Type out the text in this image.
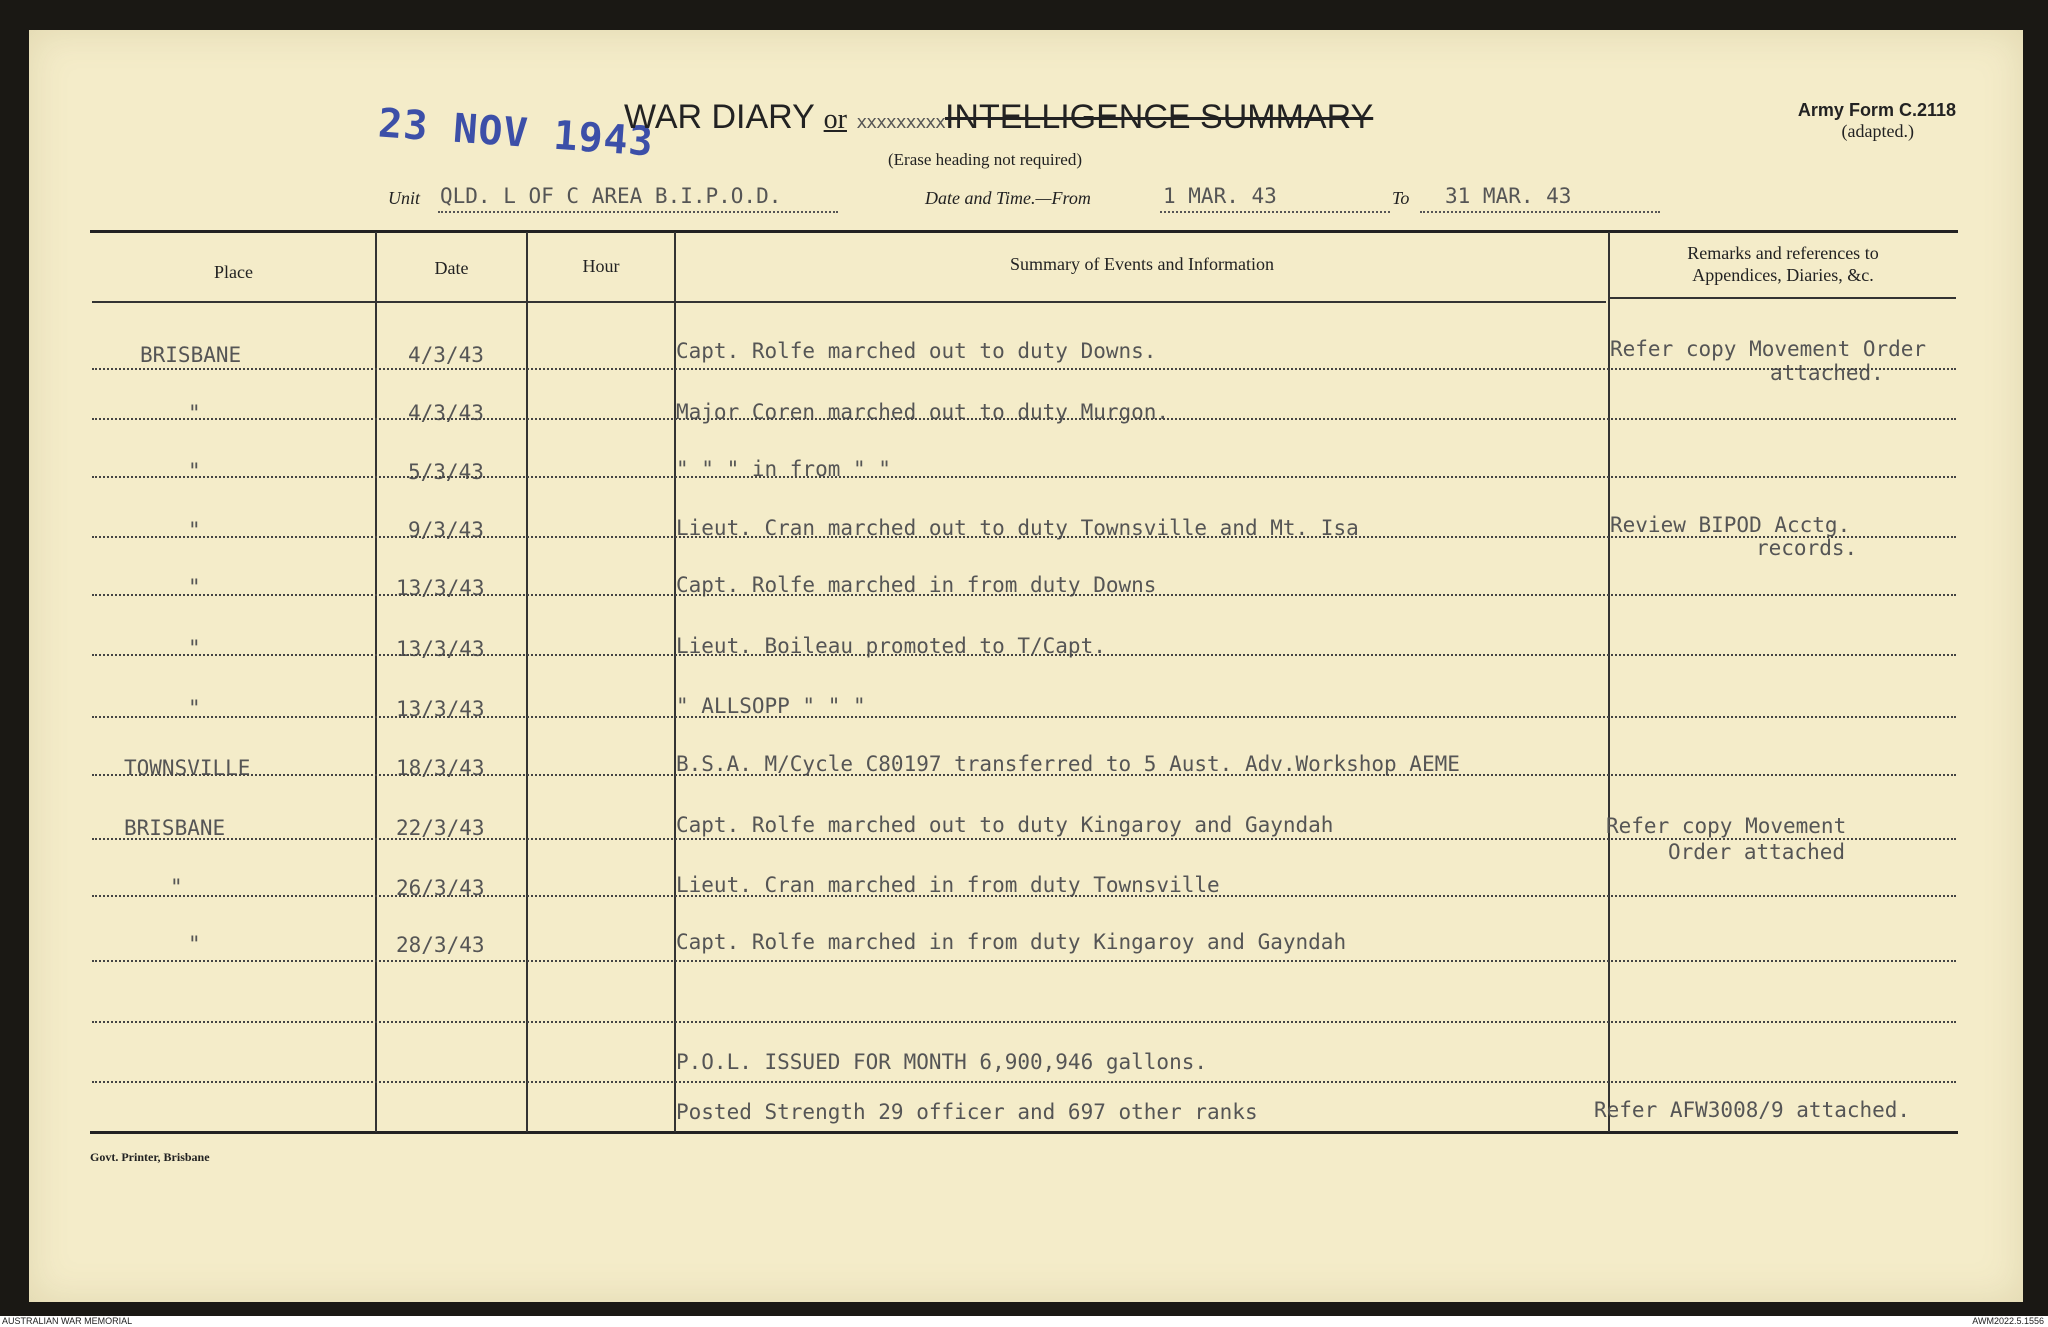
23 NOV 1943
WAR DIARY or xxxxxxxxxINTELLIGENCE SUMMARY
(Erase heading not required)
Army Form C.2118
(adapted.)
Unit QLD. L OF C AREA B.I.P.O.D.	Date and Time.—From	1 MAR. 43	To 31 MAR. 43
Place	Date	Hour	Summary of Events and Information
Remarks and references to
Appendices, Diaries, &c.
BRISBANE	4/3/43	Capt. Rolfe marched out to duty Downs.	Refer copy Movement Order
attached.
"	4/3/43	Major Coren marched out to duty Murgon.
"	5/3/43	" " " in from " "
"	9/3/43	Lieut. Cran marched out to duty Townsville and Mt. Isa	Review BIPOD Acctg.
records.
"	13/3/43	Capt. Rolfe marched in from duty Downs
"	13/3/43	Lieut. Boileau promoted to T/Capt.
"	13/3/43	" ALLSOPP " " "
TOWNSVILLE	18/3/43	B.S.A. M/Cycle C80197 transferred to 5 Aust. Adv.Workshop AEME
BRISBANE	22/3/43	Capt. Rolfe marched out to duty Kingaroy and Gayndah	Refer copy Movement
Order attached
"	26/3/43	Lieut. Cran marched in from duty Townsville
"	28/3/43	Capt. Rolfe marched in from duty Kingaroy and Gayndah
P.O.L. ISSUED FOR MONTH 6,900,946 gallons.
Posted Strength 29 officer and 697 other ranks	Refer AFW3008/9 attached.
Govt. Printer, Brisbane
AUSTRALIAN WAR MEMORIAL	AWM2022.5.1556
